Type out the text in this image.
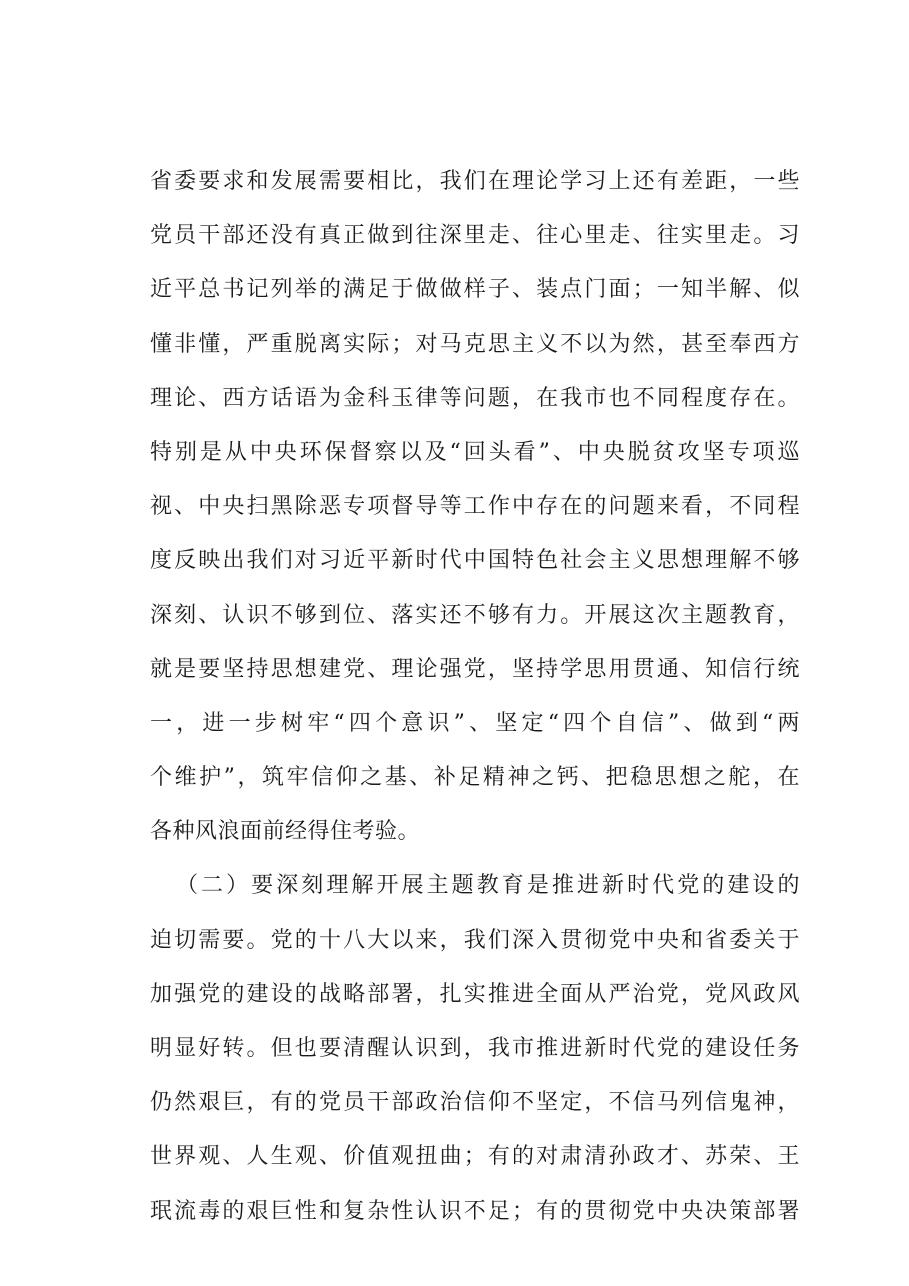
省委要求和发展需要相比，我们在理论学习上还有差距，一些
党员干部还没有真正做到往深里走、往心里走、往实里走。习
近平总书记列举的满足于做做样子、装点门面；一知半解、似
懂非懂，严重脱离实际；对马克思主义不以为然，甚至奉西方
理论、西方话语为金科玉律等问题，在我市也不同程度存在。
特别是从中央环保督察以及“回头看”、中央脱贫攻坚专项巡
视、中央扫黑除恶专项督导等工作中存在的问题来看，不同程
度反映出我们对习近平新时代中国特色社会主义思想理解不够
深刻、认识不够到位、落实还不够有力。开展这次主题教育，
就是要坚持思想建党、理论强党，坚持学思用贯通、知信行统
一，进一步树牢“四个意识”、坚定“四个自信”、做到“两
个维护”，筑牢信仰之基、补足精神之钙、把稳思想之舵，在
各种风浪面前经得住考验。
（二）要深刻理解开展主题教育是推进新时代党的建设的
迫切需要。党的十八大以来，我们深入贯彻党中央和省委关于
加强党的建设的战略部署，扎实推进全面从严治党，党风政风
明显好转。但也要清醒认识到，我市推进新时代党的建设任务
仍然艰巨，有的党员干部政治信仰不坚定，不信马列信鬼神，
世界观、人生观、价值观扭曲；有的对肃清孙政才、苏荣、王
珉流毒的艰巨性和复杂性认识不足；有的贯彻党中央决策部署
